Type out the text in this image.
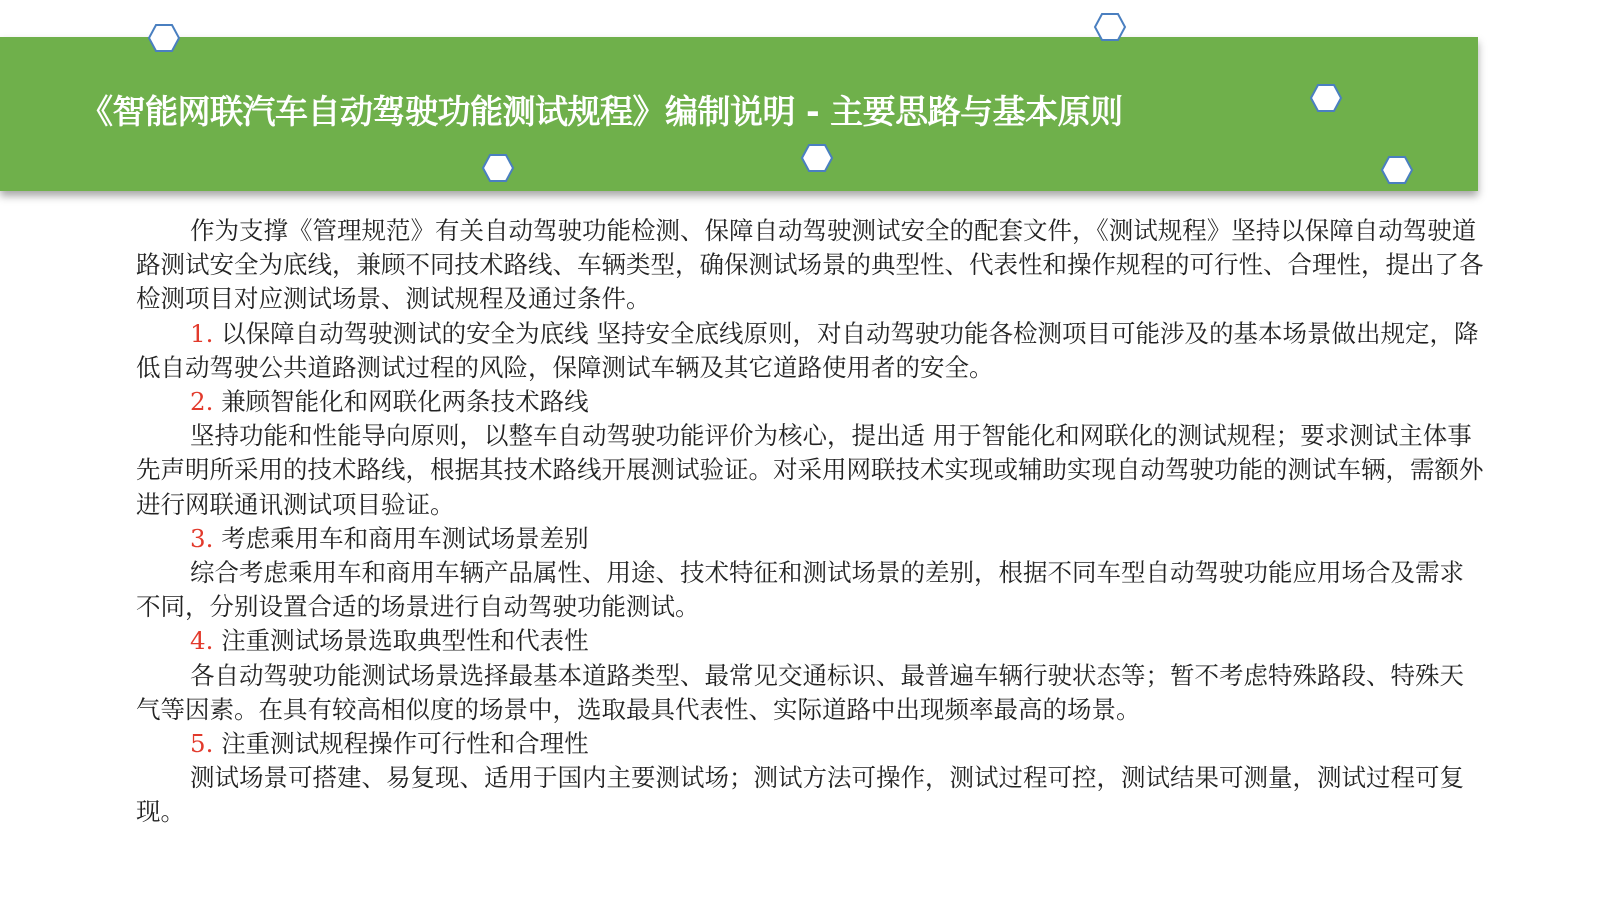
《智能网联汽车自动驾驶功能测试规程》编制说明 - 主要思路与基本原则

作为支撑《管理规范》有关自动驾驶功能检测、保障自动驾驶测试安全的配套文件，《测试规程》坚持以保障自动驾驶道路测试安全为底线，兼顾不同技术路线、车辆类型，确保测试场景的典型性、代表性和操作规程的可行性、合理性，提出了各检测项目对应测试场景、测试规程及通过条件。

1. 以保障自动驾驶测试的安全为底线 坚持安全底线原则，对自动驾驶功能各检测项目可能涉及的基本场景做出规定，降低自动驾驶公共道路测试过程的风险，保障测试车辆及其它道路使用者的安全。

2. 兼顾智能化和网联化两条技术路线

坚持功能和性能导向原则，以整车自动驾驶功能评价为核心，提出适 用于智能化和网联化的测试规程；要求测试主体事先声明所采用的技术路线，根据其技术路线开展测试验证。对采用网联技术实现或辅助实现自动驾驶功能的测试车辆，需额外进行网联通讯测试项目验证。

3. 考虑乘用车和商用车测试场景差别

综合考虑乘用车和商用车辆产品属性、用途、技术特征和测试场景的差别，根据不同车型自动驾驶功能应用场合及需求不同，分别设置合适的场景进行自动驾驶功能测试。

4. 注重测试场景选取典型性和代表性

各自动驾驶功能测试场景选择最基本道路类型、最常见交通标识、最普遍车辆行驶状态等；暂不考虑特殊路段、特殊天气等因素。在具有较高相似度的场景中，选取最具代表性、实际道路中出现频率最高的场景。

5. 注重测试规程操作可行性和合理性

测试场景可搭建、易复现、适用于国内主要测试场；测试方法可操作，测试过程可控，测试结果可测量，测试过程可复现。
